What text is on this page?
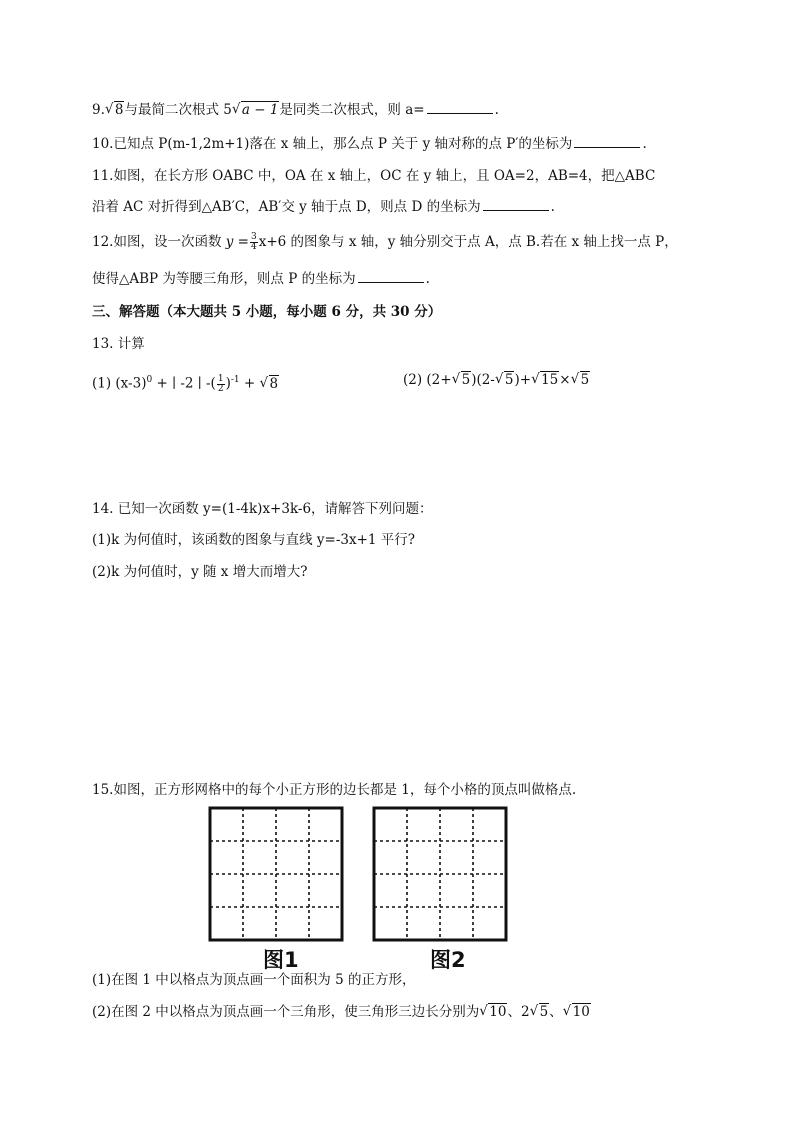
9. √ 8与最简二次根式 5 √ a − 1是同类二次根式，则 a=	.
10.已知点 P(m-1,2m+1)落在 x 轴上，那么点 P 关于 y 轴对称的点 P′的坐标为	.
11.如图，在长方形 OABC 中，OA 在 x 轴上，OC 在 y 轴上，且 OA=2，AB=4，把△ABC
沿着 AC 对折得到△AB′C，AB′交 y 轴于点 D，则点 D 的坐标为	.
12.如图，设一次函数 $y = \frac{3}{4} x+6$ 的图象与 x 轴，y 轴分别交于点 A，点 B.若在 x 轴上找一点 P，
使得△ABP 为等腰三角形，则点 P 的坐标为	.
三、解答题（本大题共 5 小题，每小题 6 分，共 30 分）
13. 计算
(1) $(x-3)^0$ + ∣ -2 ∣ -( $\frac{1}{2} )^{-1}$ + √ 8	(2) (2+ √ 5)(2- √ 5)+ √ 15× √ 5
14. 已知一次函数 y=(1-4k)x+3k-6，请解答下列问题：
(1)k 为何值时，该函数的图象与直线 y=-3x+1 平行?
(2)k 为何值时，y 随 x 增大而增大?
15.如图，正方形网格中的每个小正方形的边长都是 1，每个小格的顶点叫做格点.
图1	图2
(1)在图 1 中以格点为顶点画一个面积为 5 的正方形，
(2)在图 2 中以格点为顶点画一个三角形，使三角形三边长分别为 √ 10、2 √ 5、 √ 10
